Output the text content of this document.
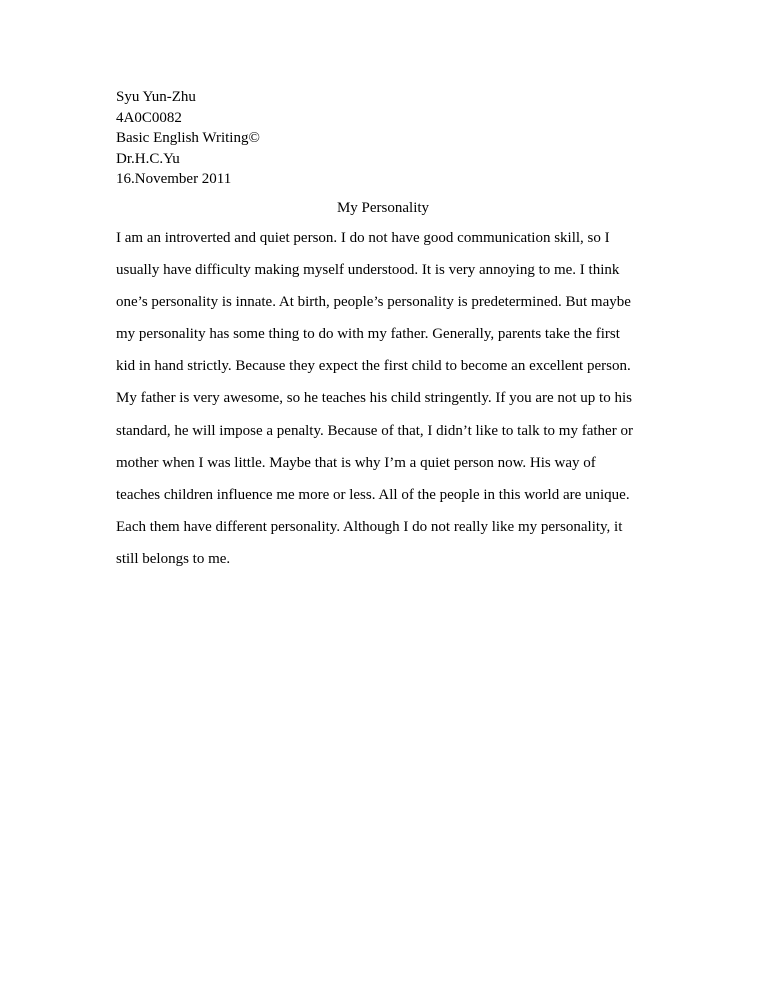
Syu Yun-Zhu
4A0C0082
Basic English Writing©
Dr.H.C.Yu
16.November 2011
My Personality
I am an introverted and quiet person. I do not have good communication skill, so I
usually have difficulty making myself understood. It is very annoying to me. I think
one’s personality is innate. At birth, people’s personality is predetermined. But maybe
my personality has some thing to do with my father. Generally, parents take the first
kid in hand strictly. Because they expect the first child to become an excellent person.
My father is very awesome, so he teaches his child stringently. If you are not up to his
standard, he will impose a penalty. Because of that, I didn’t like to talk to my father or
mother when I was little. Maybe that is why I’m a quiet person now. His way of
teaches children influence me more or less. All of the people in this world are unique.
Each them have different personality. Although I do not really like my personality, it
still belongs to me.
